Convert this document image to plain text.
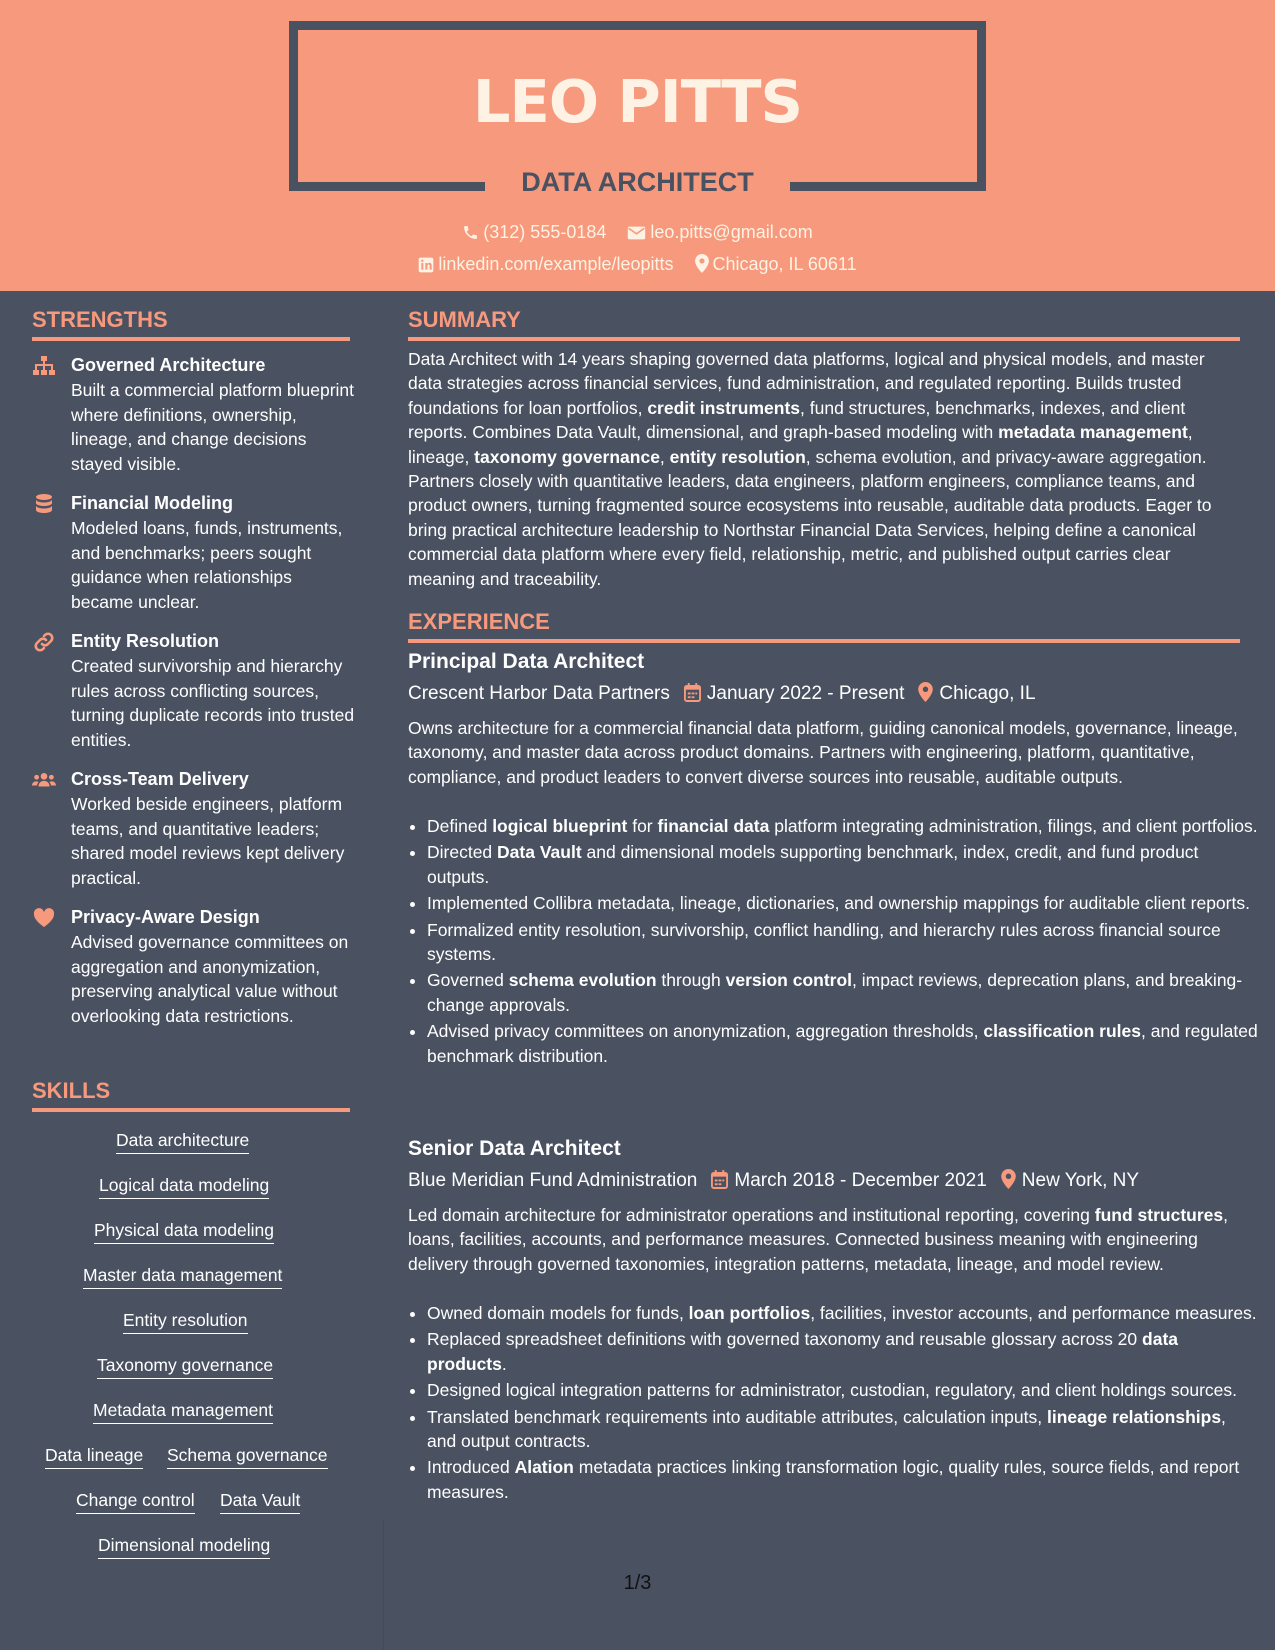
LEO PITTS
DATA ARCHITECT
(312) 555-0184 leo.pitts@gmail.com
linkedin.com/example/leopitts Chicago, IL 60611
STRENGTHS
Governed Architecture
Built a commercial platform blueprint where definitions, ownership, lineage, and change decisions stayed visible.
Financial Modeling
Modeled loans, funds, instruments, and benchmarks; peers sought guidance when relationships became unclear.
Entity Resolution
Created survivorship and hierarchy rules across conflicting sources, turning duplicate records into trusted entities.
Cross-Team Delivery
Worked beside engineers, platform teams, and quantitative leaders; shared model reviews kept delivery practical.
Privacy-Aware Design
Advised governance committees on aggregation and anonymization, preserving analytical value without overlooking data restrictions.
SKILLS
Data architecture
Logical data modeling
Physical data modeling
Master data management
Entity resolution
Taxonomy governance
Metadata management
Data lineage Schema governance
Change control Data Vault
Dimensional modeling
SUMMARY
Data Architect with 14 years shaping governed data platforms, logical and physical models, and master data strategies across financial services, fund administration, and regulated reporting. Builds trusted foundations for loan portfolios, credit instruments, fund structures, benchmarks, indexes, and client reports. Combines Data Vault, dimensional, and graph-based modeling with metadata management, lineage, taxonomy governance, entity resolution, schema evolution, and privacy-aware aggregation. Partners closely with quantitative leaders, data engineers, platform engineers, compliance teams, and product owners, turning fragmented source ecosystems into reusable, auditable data products. Eager to bring practical architecture leadership to Northstar Financial Data Services, helping define a canonical commercial data platform where every field, relationship, metric, and published output carries clear meaning and traceability.
EXPERIENCE
Principal Data Architect
Crescent Harbor Data Partners January 2022 - Present Chicago, IL
Owns architecture for a commercial financial data platform, guiding canonical models, governance, lineage, taxonomy, and master data across product domains. Partners with engineering, platform, quantitative, compliance, and product leaders to convert diverse sources into reusable, auditable outputs.
• Defined logical blueprint for financial data platform integrating administration, filings, and client portfolios.
• Directed Data Vault and dimensional models supporting benchmark, index, credit, and fund product outputs.
• Implemented Collibra metadata, lineage, dictionaries, and ownership mappings for auditable client reports.
• Formalized entity resolution, survivorship, conflict handling, and hierarchy rules across financial source systems.
• Governed schema evolution through version control, impact reviews, deprecation plans, and breaking-change approvals.
• Advised privacy committees on anonymization, aggregation thresholds, classification rules, and regulated benchmark distribution.
Senior Data Architect
Blue Meridian Fund Administration March 2018 - December 2021 New York, NY
Led domain architecture for administrator operations and institutional reporting, covering fund structures, loans, facilities, accounts, and performance measures. Connected business meaning with engineering delivery through governed taxonomies, integration patterns, metadata, lineage, and model review.
• Owned domain models for funds, loan portfolios, facilities, investor accounts, and performance measures.
• Replaced spreadsheet definitions with governed taxonomy and reusable glossary across 20 data products.
• Designed logical integration patterns for administrator, custodian, regulatory, and client holdings sources.
• Translated benchmark requirements into auditable attributes, calculation inputs, lineage relationships, and output contracts.
• Introduced Alation metadata practices linking transformation logic, quality rules, source fields, and report measures.
1/3
